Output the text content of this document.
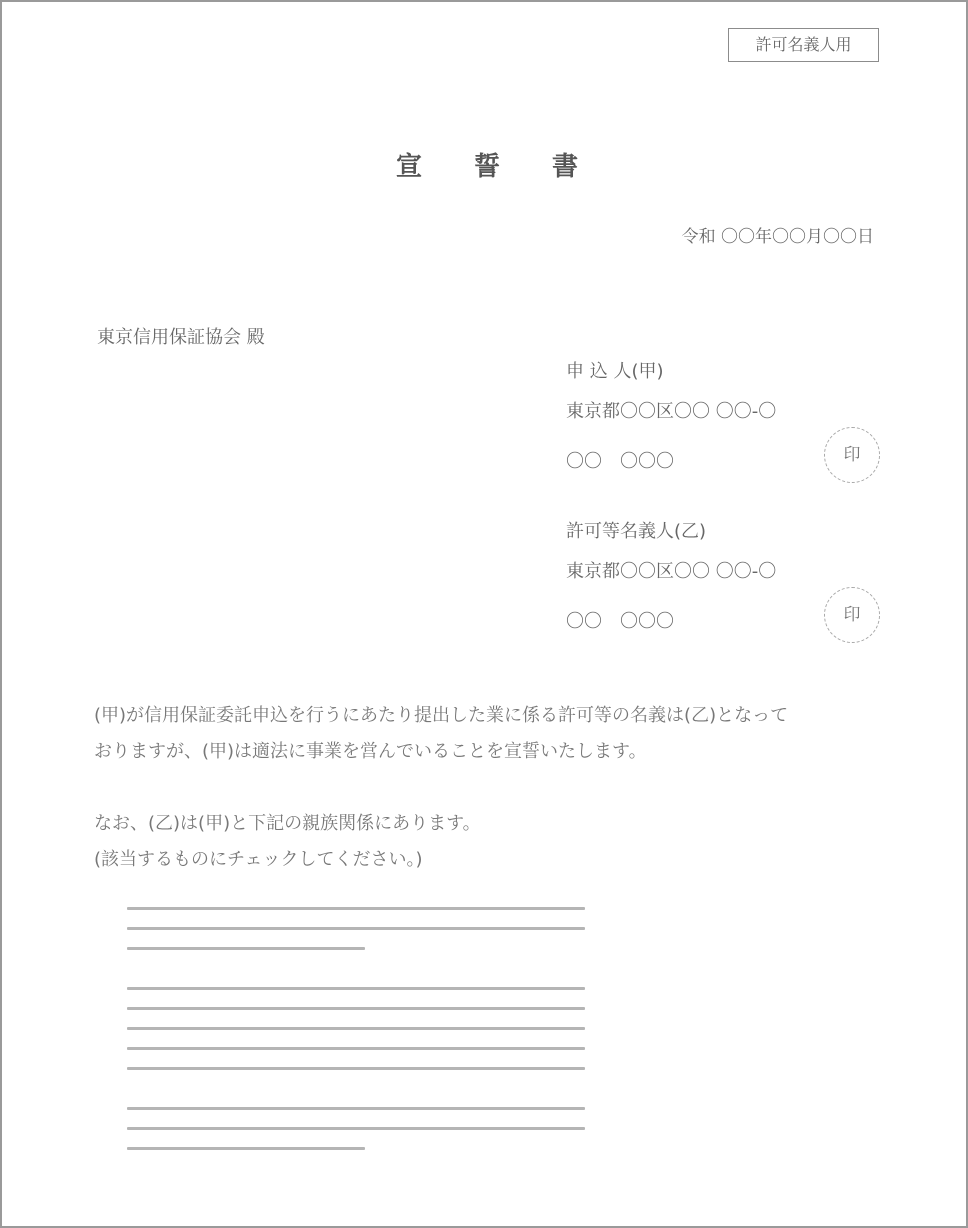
許可名義人用
宣誓書
令和 〇〇年〇〇月〇〇日
東京信用保証協会 殿
申 込 人(甲)
東京都〇〇区〇〇 〇〇-〇
〇〇　〇〇〇	印
許可等名義人(乙)
東京都〇〇区〇〇 〇〇-〇
〇〇　〇〇〇	印
(甲)が信用保証委託申込を行うにあたり提出した業に係る許可等の名義は(乙)となって
おりますが、(甲)は適法に事業を営んでいることを宣誓いたします。
なお、(乙)は(甲)と下記の親族関係にあります。
(該当するものにチェックしてください。)
